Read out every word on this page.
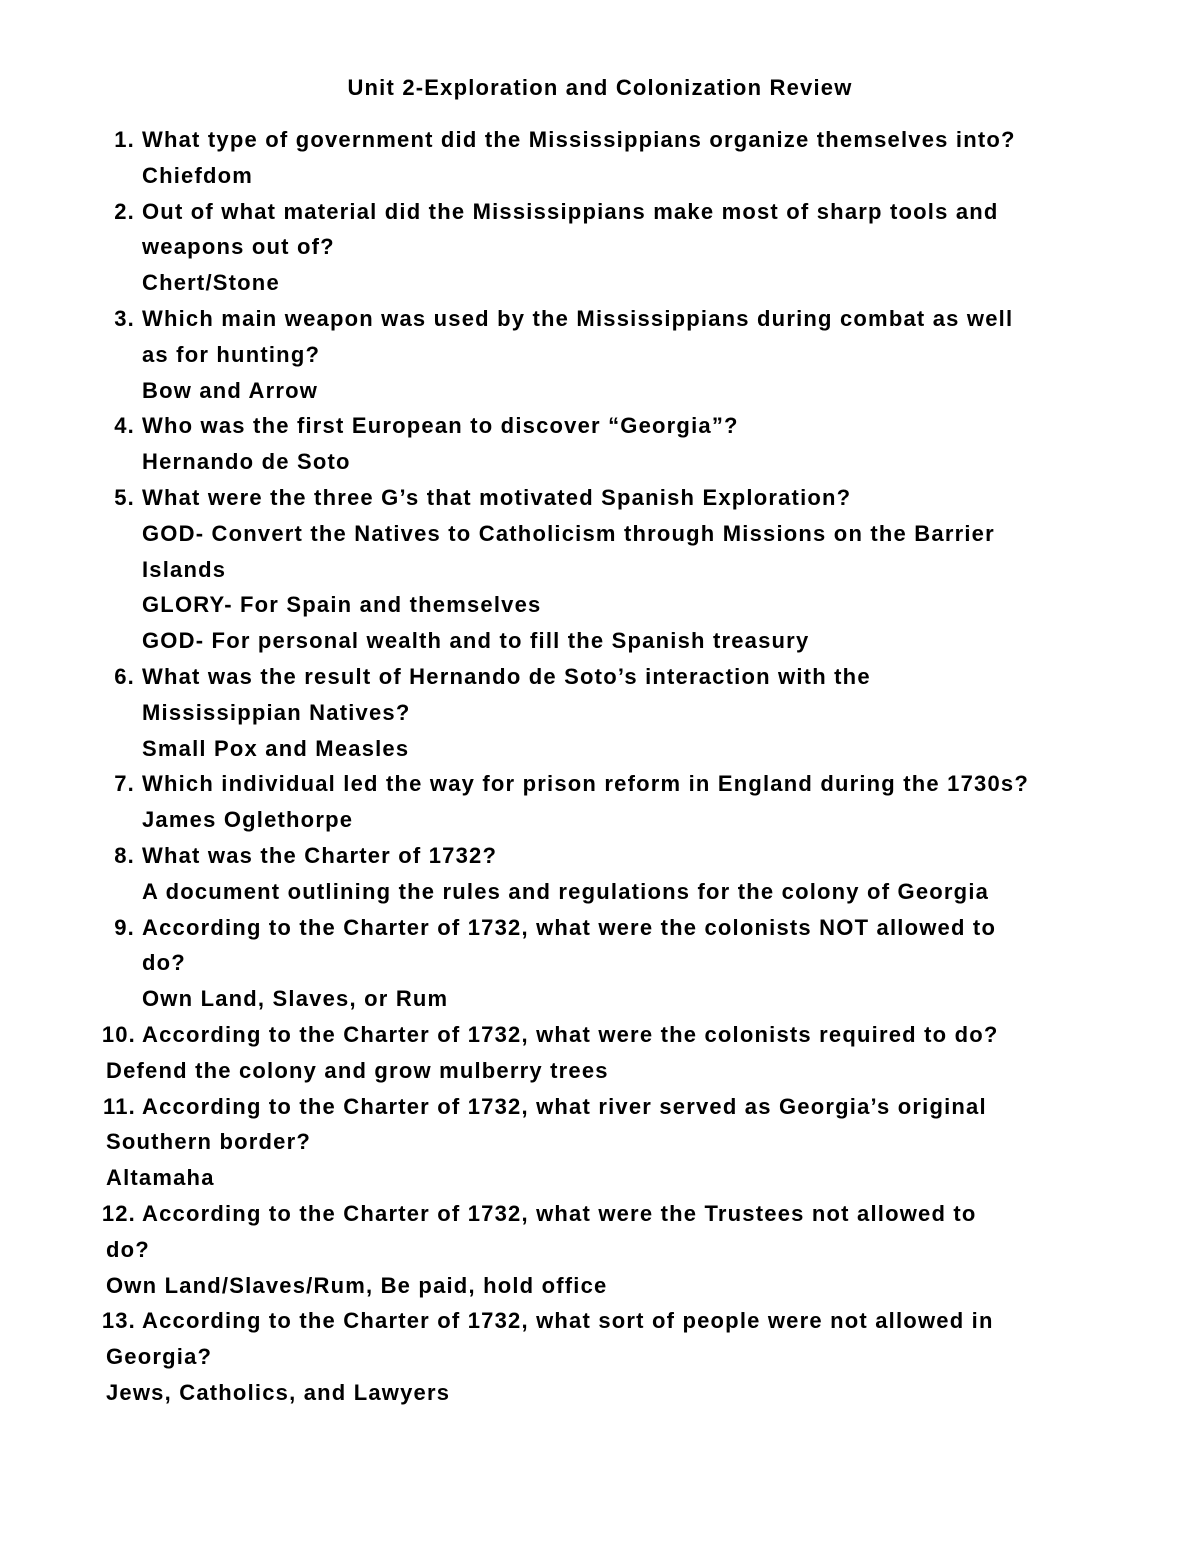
Unit 2-Exploration and Colonization Review
1. What type of government did the Mississippians organize themselves into?
Chiefdom
2. Out of what material did the Mississippians make most of sharp tools and
weapons out of?
Chert/Stone
3. Which main weapon was used by the Mississippians during combat as well
as for hunting?
Bow and Arrow
4. Who was the first European to discover “Georgia”?
Hernando de Soto
5. What were the three G’s that motivated Spanish Exploration?
GOD- Convert the Natives to Catholicism through Missions on the Barrier
Islands
GLORY- For Spain and themselves
GOD- For personal wealth and to fill the Spanish treasury
6. What was the result of Hernando de Soto’s interaction with the
Mississippian Natives?
Small Pox and Measles
7. Which individual led the way for prison reform in England during the 1730s?
James Oglethorpe
8. What was the Charter of 1732?
A document outlining the rules and regulations for the colony of Georgia
9. According to the Charter of 1732, what were the colonists NOT allowed to
do?
Own Land, Slaves, or Rum
10. According to the Charter of 1732, what were the colonists required to do?
Defend the colony and grow mulberry trees
11. According to the Charter of 1732, what river served as Georgia’s original
Southern border?
Altamaha
12. According to the Charter of 1732, what were the Trustees not allowed to
do?
Own Land/Slaves/Rum, Be paid, hold office
13. According to the Charter of 1732, what sort of people were not allowed in
Georgia?
Jews, Catholics, and Lawyers
